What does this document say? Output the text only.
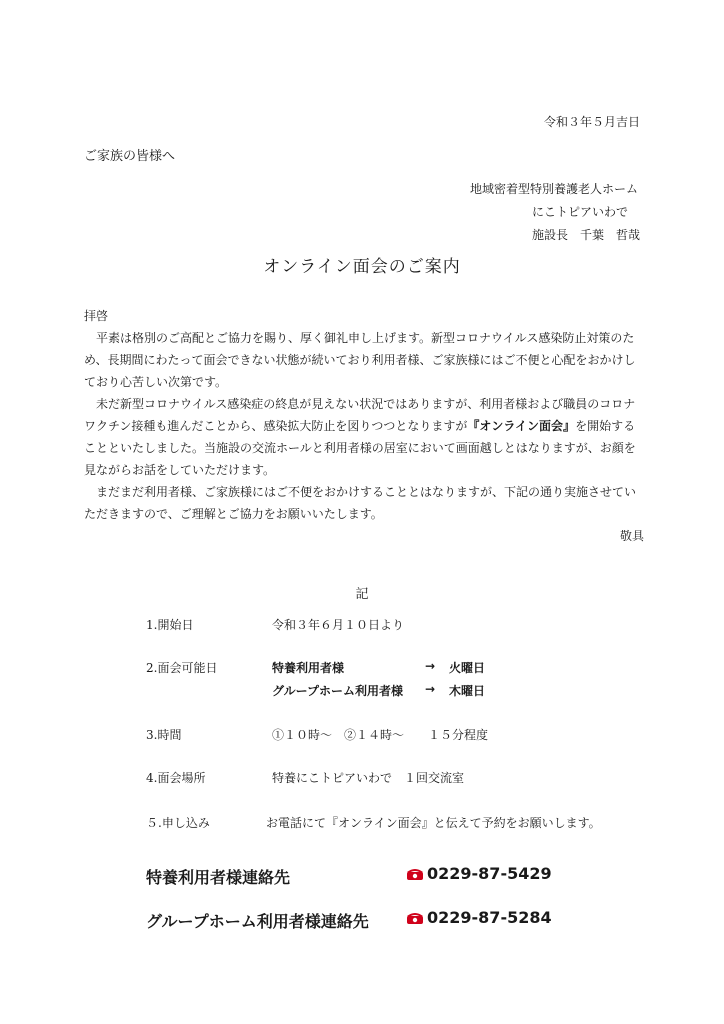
令和３年５月吉日
ご家族の皆様へ
地域密着型特別養護老人ホーム
にこトピアいわで
施設長　千葉　哲哉
オンライン面会のご案内

拝啓

平素は格別のご高配とご協力を賜り、厚く御礼申し上げます。新型コロナウイルス感染防止対策のため、長期間にわたって面会できない状態が続いており利用者様、ご家族様にはご不便と心配をおかけしており心苦しい次第です。

未だ新型コロナウイルス感染症の終息が見えない状況ではありますが、利用者様および職員のコロナワクチン接種も進んだことから、感染拡大防止を図りつつとなりますが『オンライン面会』を開始することといたしました。当施設の交流ホールと利用者様の居室において画面越しとはなりますが、お顔を見ながらお話をしていただけます。

まだまだ利用者様、ご家族様にはご不便をおかけすることとはなりますが、下記の通り実施させていただきますので、ご理解とご協力をお願いいたします。

敬具

記
1.開始日	令和３年６月１０日より
2.面会可能日	特養利用者様	→ 火曜日
グループホーム利用者様 → 木曜日
3.時間	①１０時～　②１４時～　　１５分程度
4.面会場所	特養にこトピアいわで　１回交流室
５.申し込み	お電話にて『オンライン面会』と伝えて予約をお願いします。
特養利用者様連絡先	0229-87-5429
グループホーム利用者様連絡先	0229-87-5284
